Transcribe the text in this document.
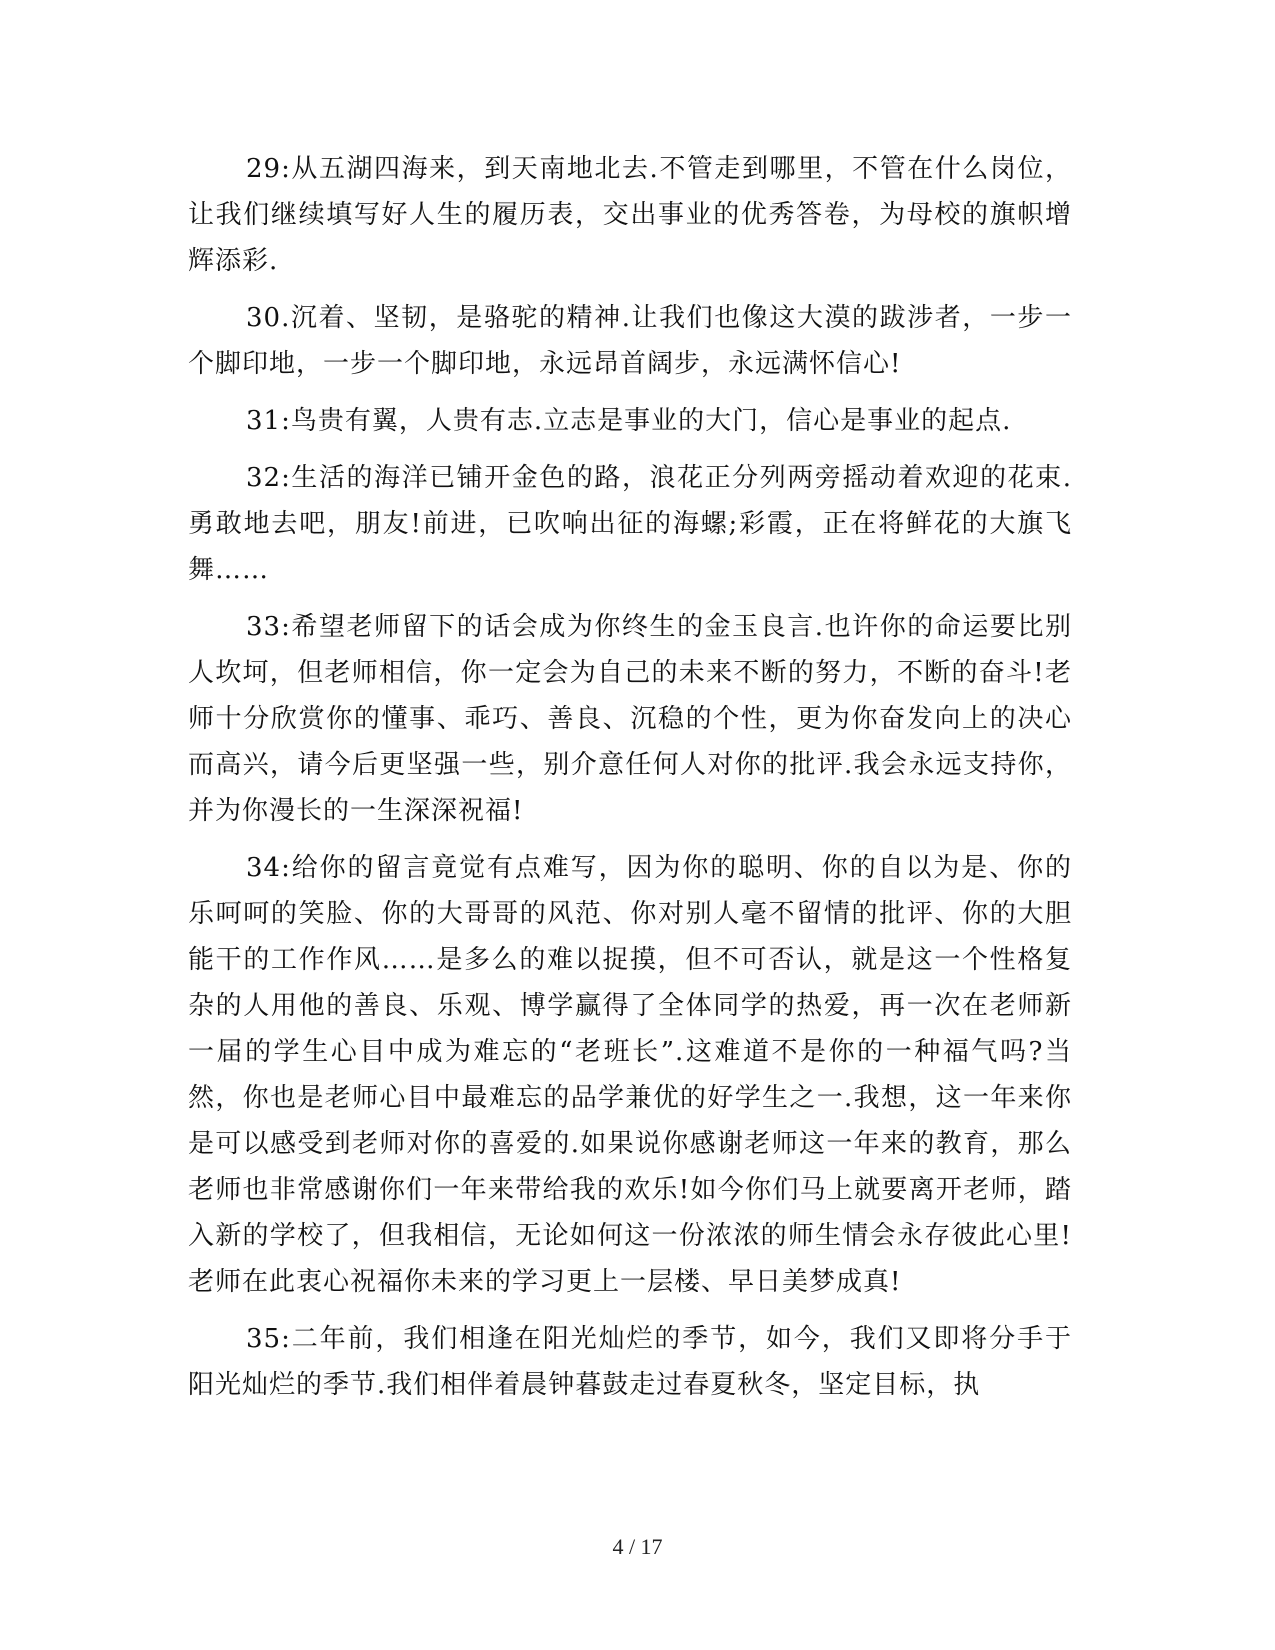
29:从五湖四海来，到天南地北去.不管走到哪里，不管在什么岗位，让我们继续填写好人生的履历表，交出事业的优秀答卷，为母校的旗帜增辉添彩.

30.沉着、坚韧，是骆驼的精神.让我们也像这大漠的跋涉者，一步一个脚印地，一步一个脚印地，永远昂首阔步，永远满怀信心!

31:鸟贵有翼，人贵有志.立志是事业的大门，信心是事业的起点.

32:生活的海洋已铺开金色的路，浪花正分列两旁摇动着欢迎的花束.勇敢地去吧，朋友!前进，已吹响出征的海螺;彩霞，正在将鲜花的大旗飞舞……

33:希望老师留下的话会成为你终生的金玉良言.也许你的命运要比别人坎坷，但老师相信，你一定会为自己的未来不断的努力，不断的奋斗!老师十分欣赏你的懂事、乖巧、善良、沉稳的个性，更为你奋发向上的决心而高兴，请今后更坚强一些，别介意任何人对你的批评.我会永远支持你，并为你漫长的一生深深祝福!

34:给你的留言竟觉有点难写，因为你的聪明、你的自以为是、你的乐呵呵的笑脸、你的大哥哥的风范、你对别人毫不留情的批评、你的大胆能干的工作作风……是多么的难以捉摸，但不可否认，就是这一个性格复杂的人用他的善良、乐观、博学赢得了全体同学的热爱，再一次在老师新一届的学生心目中成为难忘的“老班长”.这难道不是你的一种福气吗?当然，你也是老师心目中最难忘的品学兼优的好学生之一.我想，这一年来你是可以感受到老师对你的喜爱的.如果说你感谢老师这一年来的教育，那么老师也非常感谢你们一年来带给我的欢乐!如今你们马上就要离开老师，踏入新的学校了，但我相信，无论如何这一份浓浓的师生情会永存彼此心里!老师在此衷心祝福你未来的学习更上一层楼、早日美梦成真!

35:二年前，我们相逢在阳光灿烂的季节，如今，我们又即将分手于阳光灿烂的季节.我们相伴着晨钟暮鼓走过春夏秋冬，坚定目标，执

4 / 17
